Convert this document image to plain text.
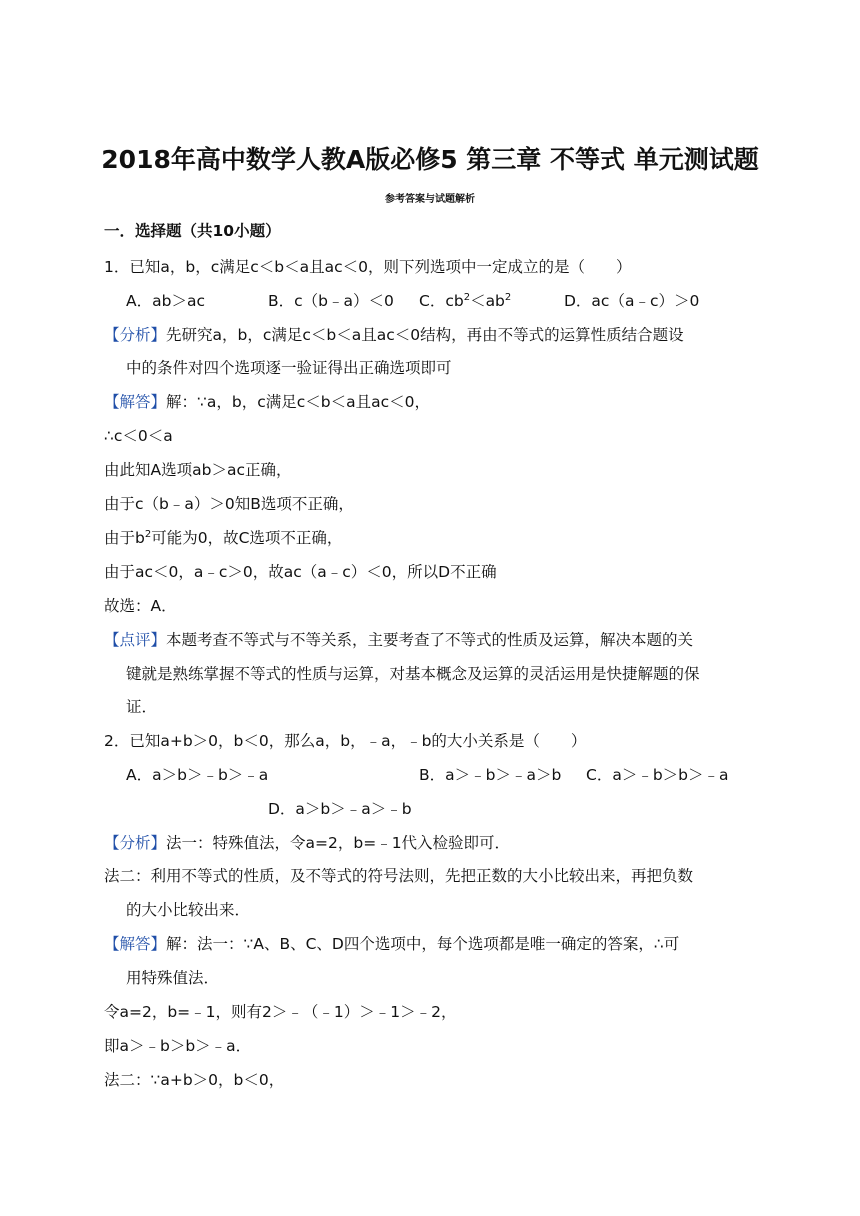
2018年高中数学人教A版必修5 第三章 不等式 单元测试题
参考答案与试题解析
一．选择题（共10小题）
1．已知a，b，c满足c＜b＜a且ac＜0，则下列选项中一定成立的是（　　）
A．ab＞ac	B．c（b﹣a）＜0 C．$cb^2<ab^2$	D．ac（a﹣c）＞0
【分析】先研究a，b，c满足c＜b＜a且ac＜0结构，再由不等式的运算性质结合题设
中的条件对四个选项逐一验证得出正确选项即可
【解答】解：∵a，b，c满足c＜b＜a且ac＜0，
∴c＜0＜a
由此知A选项ab＞ac正确，
由于c（b﹣a）＞0知B选项不正确，
由于$b^2$可能为0，故C选项不正确，
由于ac＜0，a﹣c＞0，故ac（a﹣c）＜0，所以D不正确
故选：A．
【点评】本题考查不等式与不等关系，主要考查了不等式的性质及运算，解决本题的关
键就是熟练掌握不等式的性质与运算，对基本概念及运算的灵活运用是快捷解题的保
证．
2．已知a+b＞0，b＜0，那么a，b，﹣a，﹣b的大小关系是（　　）
A．a＞b＞﹣b＞﹣a	B．a＞﹣b＞﹣a＞b C．a＞﹣b＞b＞﹣a
D．a＞b＞﹣a＞﹣b
【分析】法一：特殊值法，令a=2，b=﹣1代入检验即可．
法二：利用不等式的性质，及不等式的符号法则，先把正数的大小比较出来，再把负数
的大小比较出来．
【解答】解：法一：∵A、B、C、D四个选项中，每个选项都是唯一确定的答案，∴可
用特殊值法．
令a=2，b=﹣1，则有2＞﹣（﹣1）＞﹣1＞﹣2，
即a＞﹣b＞b＞﹣a．
法二：∵a+b＞0，b＜0，
